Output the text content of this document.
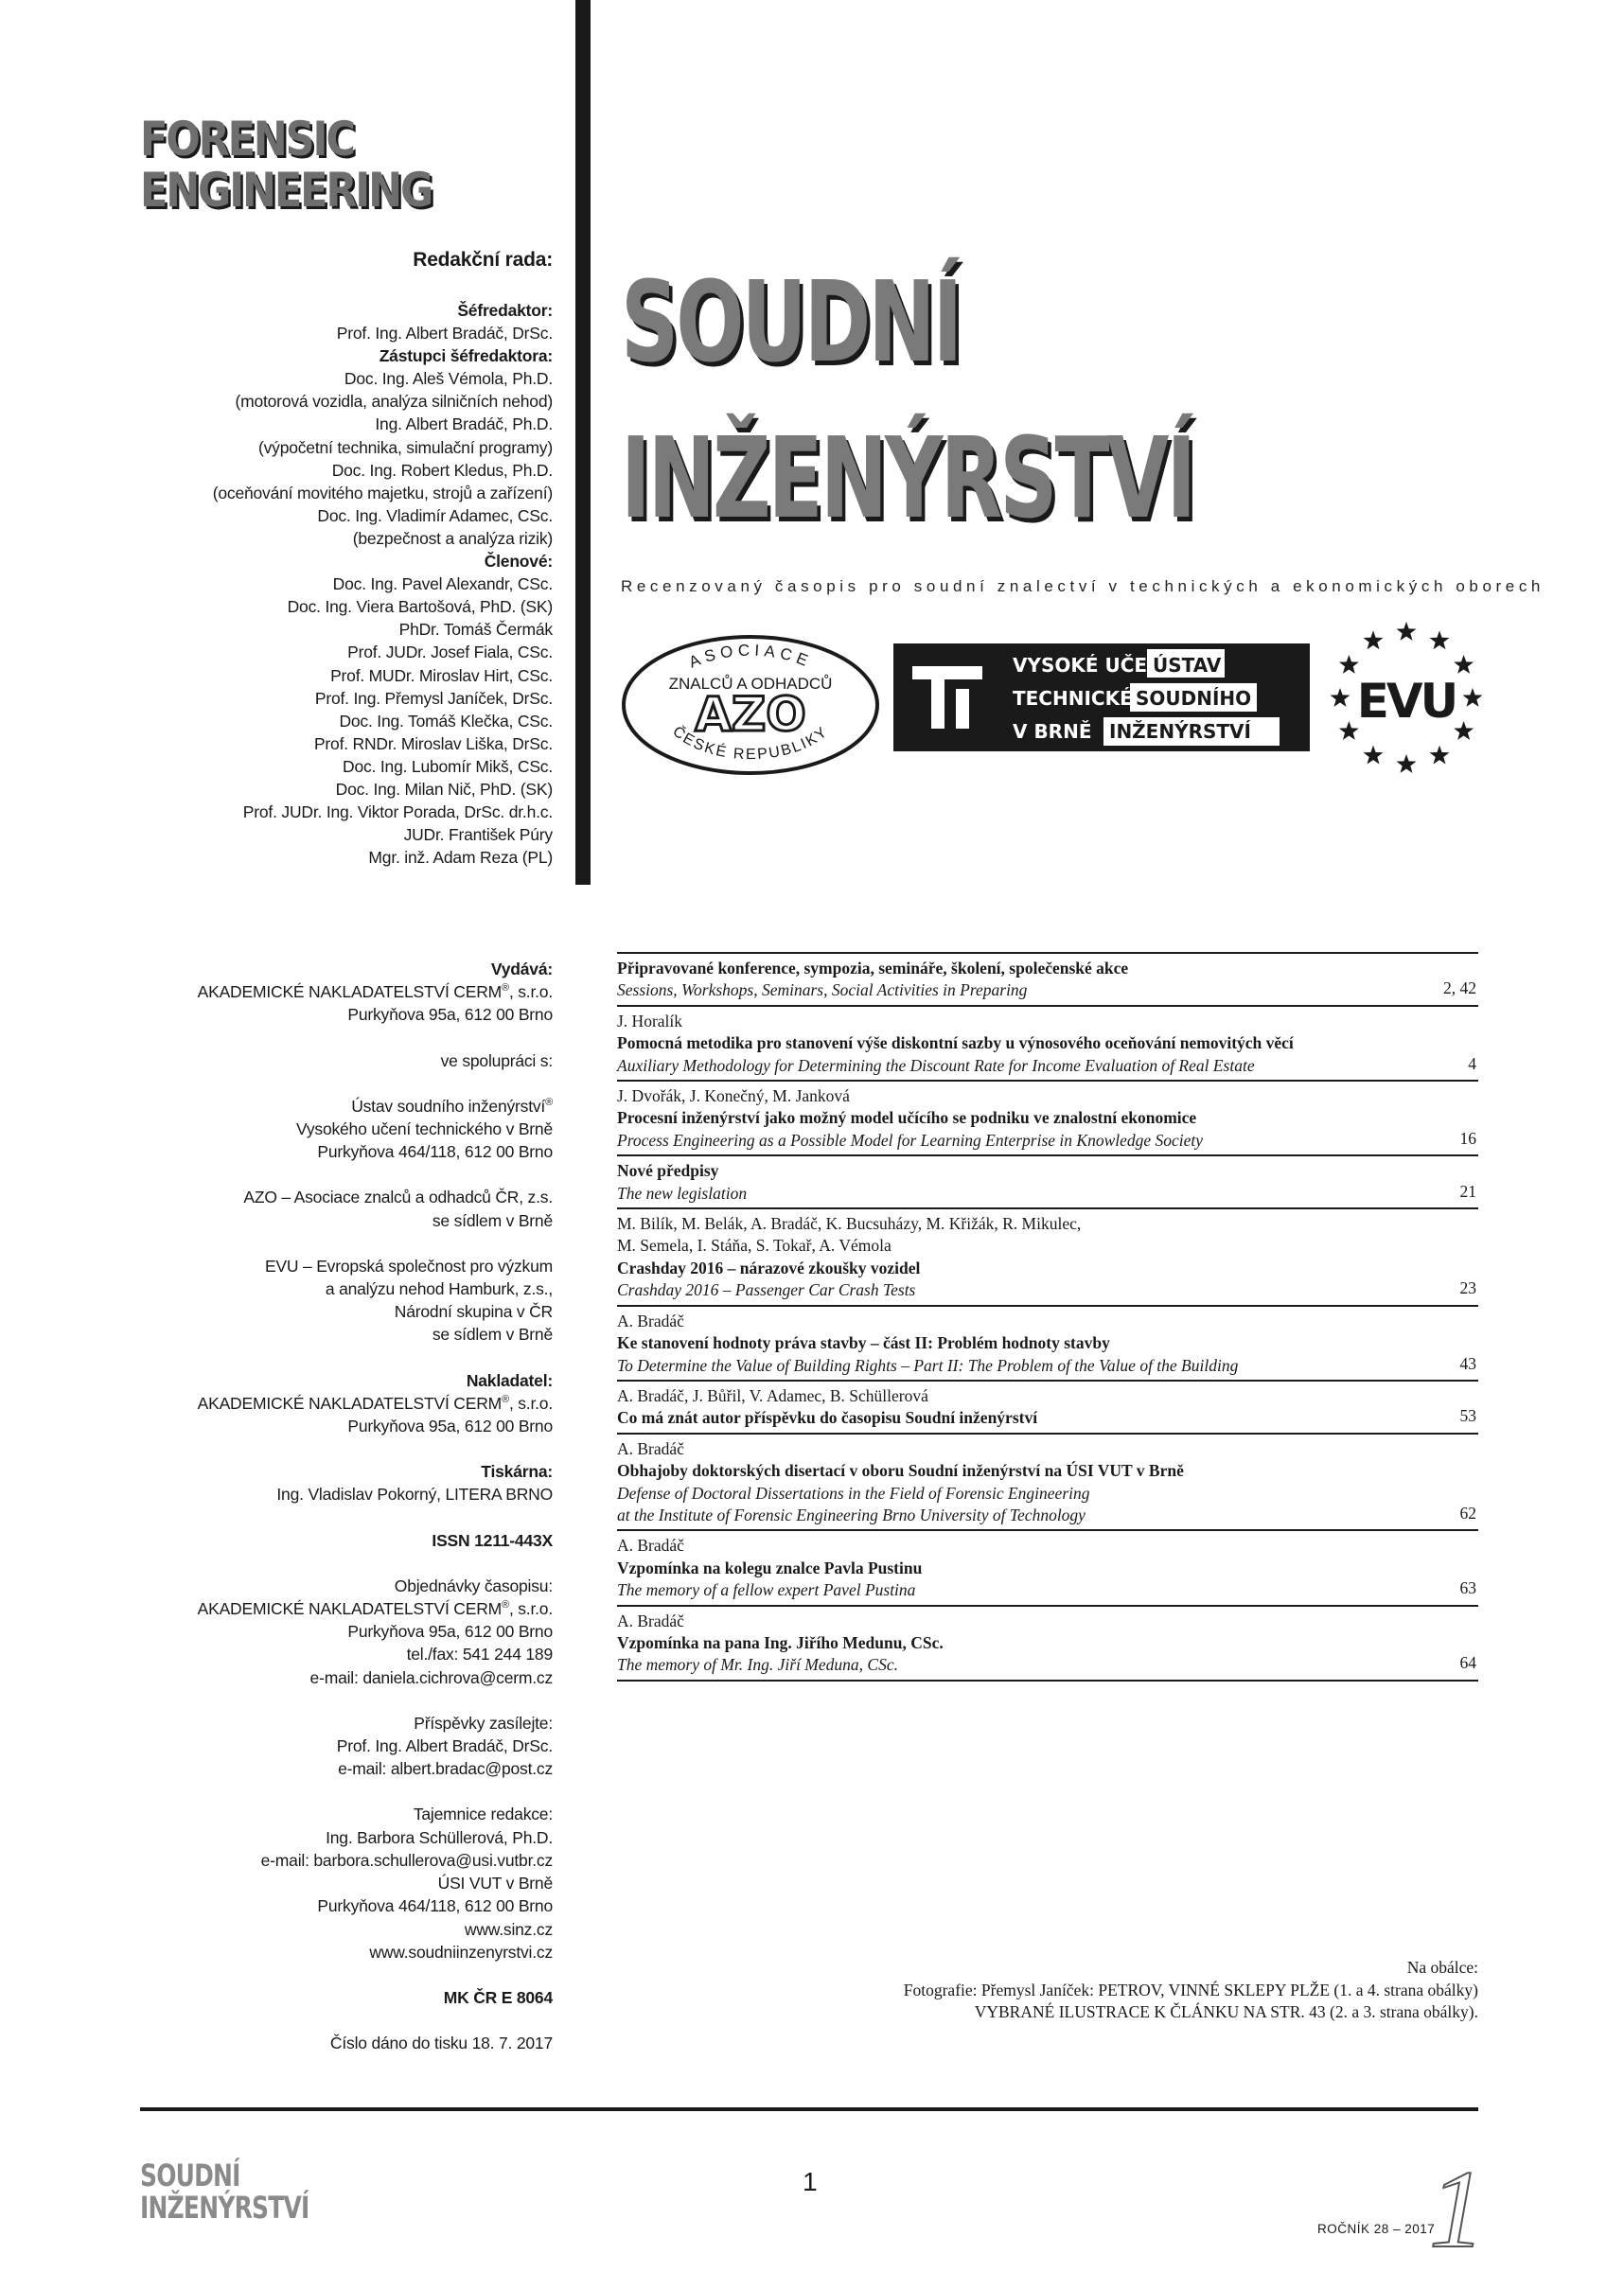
FORENSIC
ENGINEERING
Redakční rada:
Šéfredaktor:
Prof. Ing. Albert Bradáč, DrSc.
Zástupci šéfredaktora:
Doc. Ing. Aleš Vémola, Ph.D.
(motorová vozidla, analýza silničních nehod)
Ing. Albert Bradáč, Ph.D.
(výpočetní technika, simulační programy)
Doc. Ing. Robert Kledus, Ph.D.
(oceňování movitého majetku, strojů a zařízení)
Doc. Ing. Vladimír Adamec, CSc.
(bezpečnost a analýza rizik)
Členové:
Doc. Ing. Pavel Alexandr, CSc.
Doc. Ing. Viera Bartošová, PhD. (SK)
PhDr. Tomáš Čermák
Prof. JUDr. Josef Fiala, CSc.
Prof. MUDr. Miroslav Hirt, CSc.
Prof. Ing. Přemysl Janíček, DrSc.
Doc. Ing. Tomáš Klečka, CSc.
Prof. RNDr. Miroslav Liška, DrSc.
Doc. Ing. Lubomír Mikš, CSc.
Doc. Ing. Milan Nič, PhD. (SK)
Prof. JUDr. Ing. Viktor Porada, DrSc. dr.h.c.
JUDr. František Púry
Mgr. inž. Adam Reza (PL)
SOUDNÍ
INŽENÝRSTVÍ
Recenzovaný časopis pro soudní znalectví v technických a ekonomických oborech
ASOCIACE
ZNALCŮ A ODHADCŮ
AZO
ČESKÉ REPUBLIKY
VYSOKÉ UČENÍ
ÚSTAV
TECHNICKÉ SOUDNÍHO
V BRNĚ INŽENÝRSTVÍ
EVU
Vydává:
AKADEMICKÉ NAKLADATELSTVÍ CERM®, s.r.o.
Purkyňova 95a, 612 00 Brno
ve spolupráci s:
Ústav soudního inženýrství®
Vysokého učení technického v Brně
Purkyňova 464/118, 612 00 Brno
AZO – Asociace znalců a odhadců ČR, z.s.
se sídlem v Brně
EVU – Evropská společnost pro výzkum
a analýzu nehod Hamburk, z.s.,
Národní skupina v ČR
se sídlem v Brně
Nakladatel:
AKADEMICKÉ NAKLADATELSTVÍ CERM®, s.r.o.
Purkyňova 95a, 612 00 Brno
Tiskárna:
Ing. Vladislav Pokorný, LITERA BRNO
ISSN 1211-443X
Objednávky časopisu:
AKADEMICKÉ NAKLADATELSTVÍ CERM®, s.r.o.
Purkyňova 95a, 612 00 Brno
tel./fax: 541 244 189
e-mail: daniela.cichrova@cerm.cz
Příspěvky zasílejte:
Prof. Ing. Albert Bradáč, DrSc.
e-mail: albert.bradac@post.cz
Tajemnice redakce:
Ing. Barbora Schüllerová, Ph.D.
e-mail: barbora.schullerova@usi.vutbr.cz
ÚSI VUT v Brně
Purkyňova 464/118, 612 00 Brno
www.sinz.cz
www.soudniinzenyrstvi.cz
MK ČR E 8064
Číslo dáno do tisku 18. 7. 2017
Připravované konference, sympozia, semináře, školení, společenské akce
Sessions, Workshops, Seminars, Social Activities in Preparing	2, 42
J. Horalík
Pomocná metodika pro stanovení výše diskontní sazby u výnosového oceňování nemovitých věcí
Auxiliary Methodology for Determining the Discount Rate for Income Evaluation of Real Estate	4
J. Dvořák, J. Konečný, M. Janková
Procesní inženýrství jako možný model učícího se podniku ve znalostní ekonomice
Process Engineering as a Possible Model for Learning Enterprise in Knowledge Society	16
Nové předpisy
The new legislation	21
M. Bilík, M. Belák, A. Bradáč, K. Bucsuházy, M. Křižák, R. Mikulec,
M. Semela, I. Stáňa, S. Tokař, A. Vémola
Crashday 2016 – nárazové zkoušky vozidel
Crashday 2016 – Passenger Car Crash Tests	23
A. Bradáč
Ke stanovení hodnoty práva stavby – část II: Problém hodnoty stavby
To Determine the Value of Building Rights – Part II: The Problem of the Value of the Building	43
A. Bradáč, J. Bůřil, V. Adamec, B. Schüllerová
Co má znát autor příspěvku do časopisu Soudní inženýrství	53
A. Bradáč
Obhajoby doktorských disertací v oboru Soudní inženýrství na ÚSI VUT v Brně
Defense of Doctoral Dissertations in the Field of Forensic Engineering
at the Institute of Forensic Engineering Brno University of Technology	62
A. Bradáč
Vzpomínka na kolegu znalce Pavla Pustinu
The memory of a fellow expert Pavel Pustina	63
A. Bradáč
Vzpomínka na pana Ing. Jiřího Medunu, CSc.
The memory of Mr. Ing. Jiří Meduna, CSc.	64
Na obálce:
Fotografie: Přemysl Janíček: PETROV, VINNÉ SKLEPY PLŽE (1. a 4. strana obálky)
VYBRANÉ ILUSTRACE K ČLÁNKU NA STR. 43 (2. a 3. strana obálky).
SOUDNÍ
INŽENÝRSTVÍ
1
ROČNÍK 28 – 2017
1
